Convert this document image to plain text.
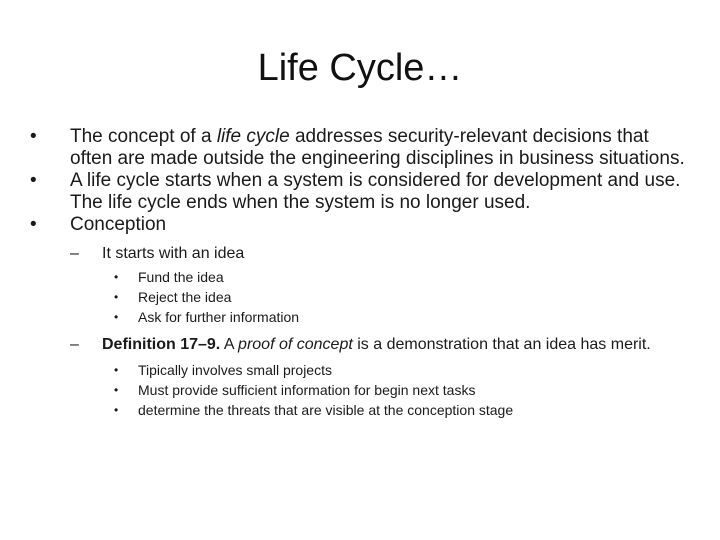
Life Cycle…
•	The concept of a life cycle addresses security-relevant decisions that often are made outside the engineering disciplines in business situations.
•	A life cycle starts when a system is considered for development and use. The life cycle ends when the system is no longer used.
•	Conception
– It starts with an idea
• Fund the idea
• Reject the idea
• Ask for further information
– Definition 17–9. A proof of concept is a demonstration that an idea has merit.
• Tipically involves small projects
• Must provide sufficient information for begin next tasks
• determine the threats that are visible at the conception stage
